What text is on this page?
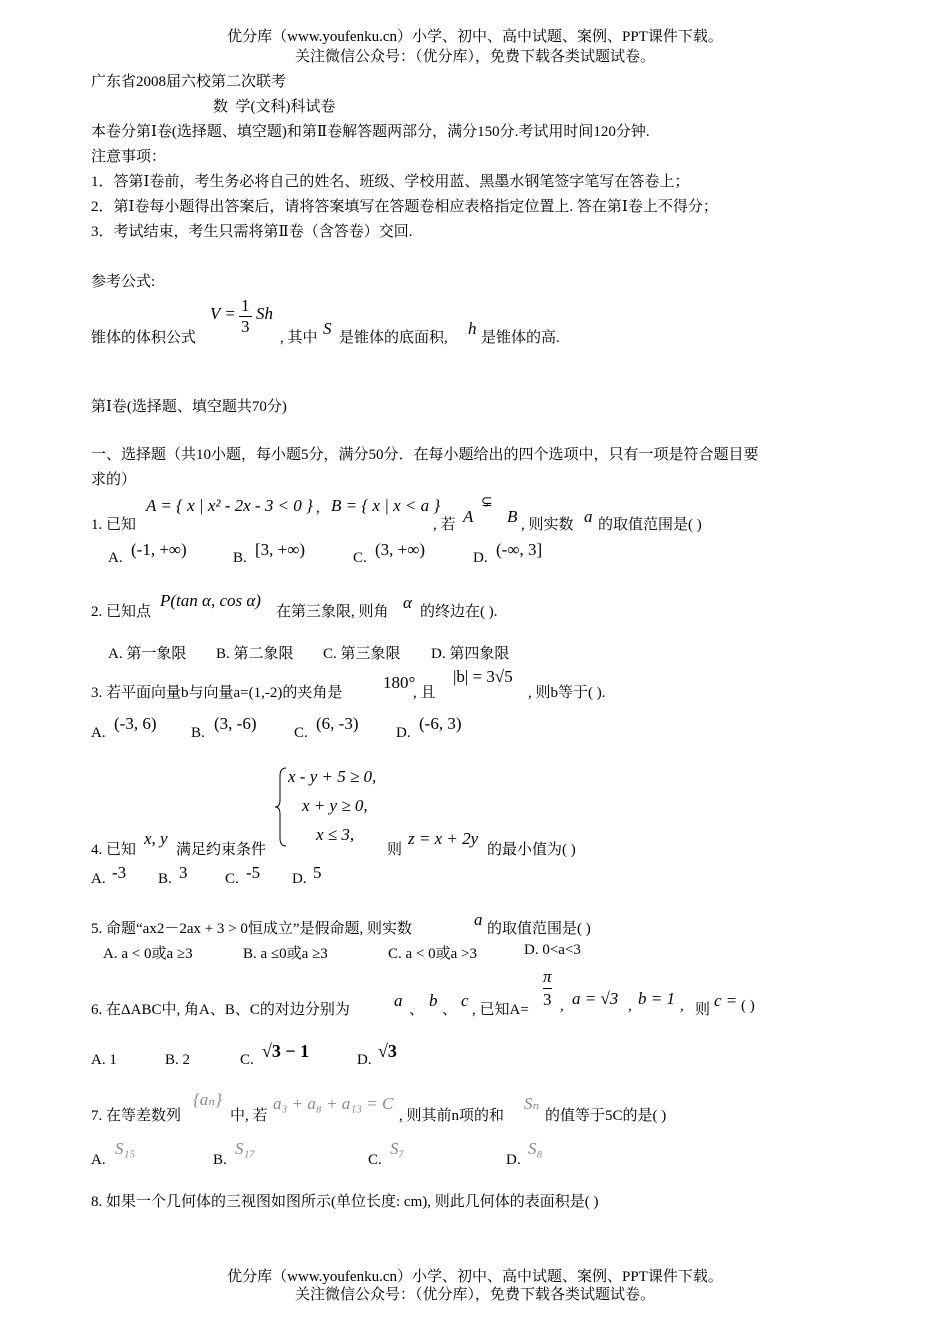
优分库（www.youfenku.cn）小学、初中、高中试题、案例、PPT课件下载。
关注微信公众号：（优分库），免费下载各类试题试卷。
广东省2008届六校第二次联考
数  学(文科)科试卷
本卷分第Ⅰ卷(选择题、填空题)和第Ⅱ卷解答题两部分，满分150分.考试用时间120分钟.
注意事项：
1．答第Ⅰ卷前，考生务必将自己的姓名、班级、学校用蓝、黑墨水钢笔签字笔写在答卷上；
2．第Ⅰ卷每小题得出答案后，请将答案填写在答题卷相应表格指定位置上. 答在第Ⅰ卷上不得分；
3．考试结束，考生只需将第Ⅱ卷（含答卷）交回.
参考公式:
锥体的体积公式
$V = \frac{1}{3}$ Sh
, 其中 S 是锥体的底面积, h 是锥体的高.
第Ⅰ卷(选择题、填空题共70分)
一、选择题（共10小题，每小题5分，满分50分．在每小题给出的四个选项中，只有一项是符合题目要
求的）
1. 已知
A = { x | x² - 2x - 3 < 0 } , B = { x | x < a }
, 若 A
⊊
B , 则实数 a 的取值范围是( )
A. (-1, +∞)	B. [3, +∞)	C. (3, +∞)	D. (-∞, 3]
2. 已知点
P(tan α, cos α)
在第三象限, 则角 α 的终边在( ).
A. 第一象限 B. 第二象限 C. 第三象限 D. 第四象限
3. 若平面向量b与向量a=(1,-2)的夹角是
180°
, 且
|b| = 3√5
, 则b等于( ).
A. (-3, 6) B. (3, -6)	C. (6, -3)	D. (-6, 3)
4. 已知
x, y
满足约束条件
x - y + 5 ≥ 0,
x + y ≥ 0,
x ≤ 3,
则
z = x + 2y
的最小值为( )
A. -3 B. 3	C. -5 D. 5
5. 命题“ax2－2ax + 3 > 0恒成立”是假命题, 则实数	a 的取值范围是( )
A. a < 0或a ≥3	B. a ≤0或a ≥3	C. a < 0或a >3	D. 0<a<3
6. 在ΔABC中, 角A、B、C的对边分别为	a 、 b 、 c , 已知$A= \frac{\pi}{3}$ , a = √3 , b = 1 , 则 c = ( )
A. 1	B. 2	C. √3 − 1	D. √3
7. 在等差数列
{aₙ}
中, 若
a₃ + a₈ + a₁₃ = C
, 则其前n项的和
Sₙ
的值等于5C的是( )
A.
S₁₅
B.
S₁₇
C.
S₇
D.
S₈
8. 如果一个几何体的三视图如图所示(单位长度: cm), 则此几何体的表面积是( )
优分库（www.youfenku.cn）小学、初中、高中试题、案例、PPT课件下载。
关注微信公众号：（优分库），免费下载各类试题试卷。
